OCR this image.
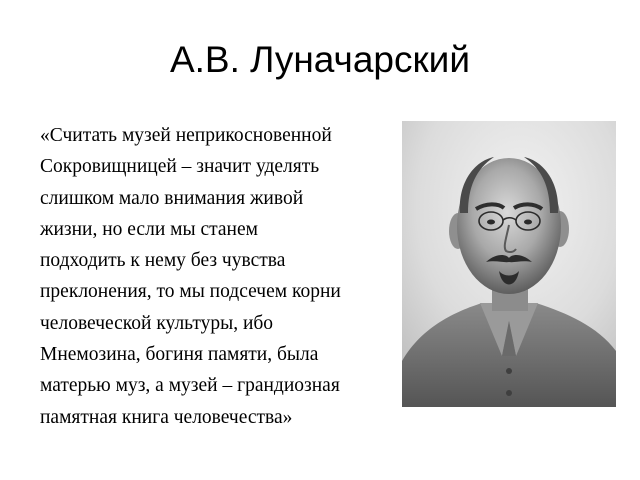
А.В. Луначарский

«Считать музей неприкосновенной
Сокровищницей – значит уделять
слишком мало внимания живой
жизни, но если мы станем
подходить к нему без чувства
преклонения, то мы подсечем корни
человеческой культуры, ибо
Мнемозина, богиня памяти, была
матерью муз, а музей – грандиозная
памятная книга человечества»
